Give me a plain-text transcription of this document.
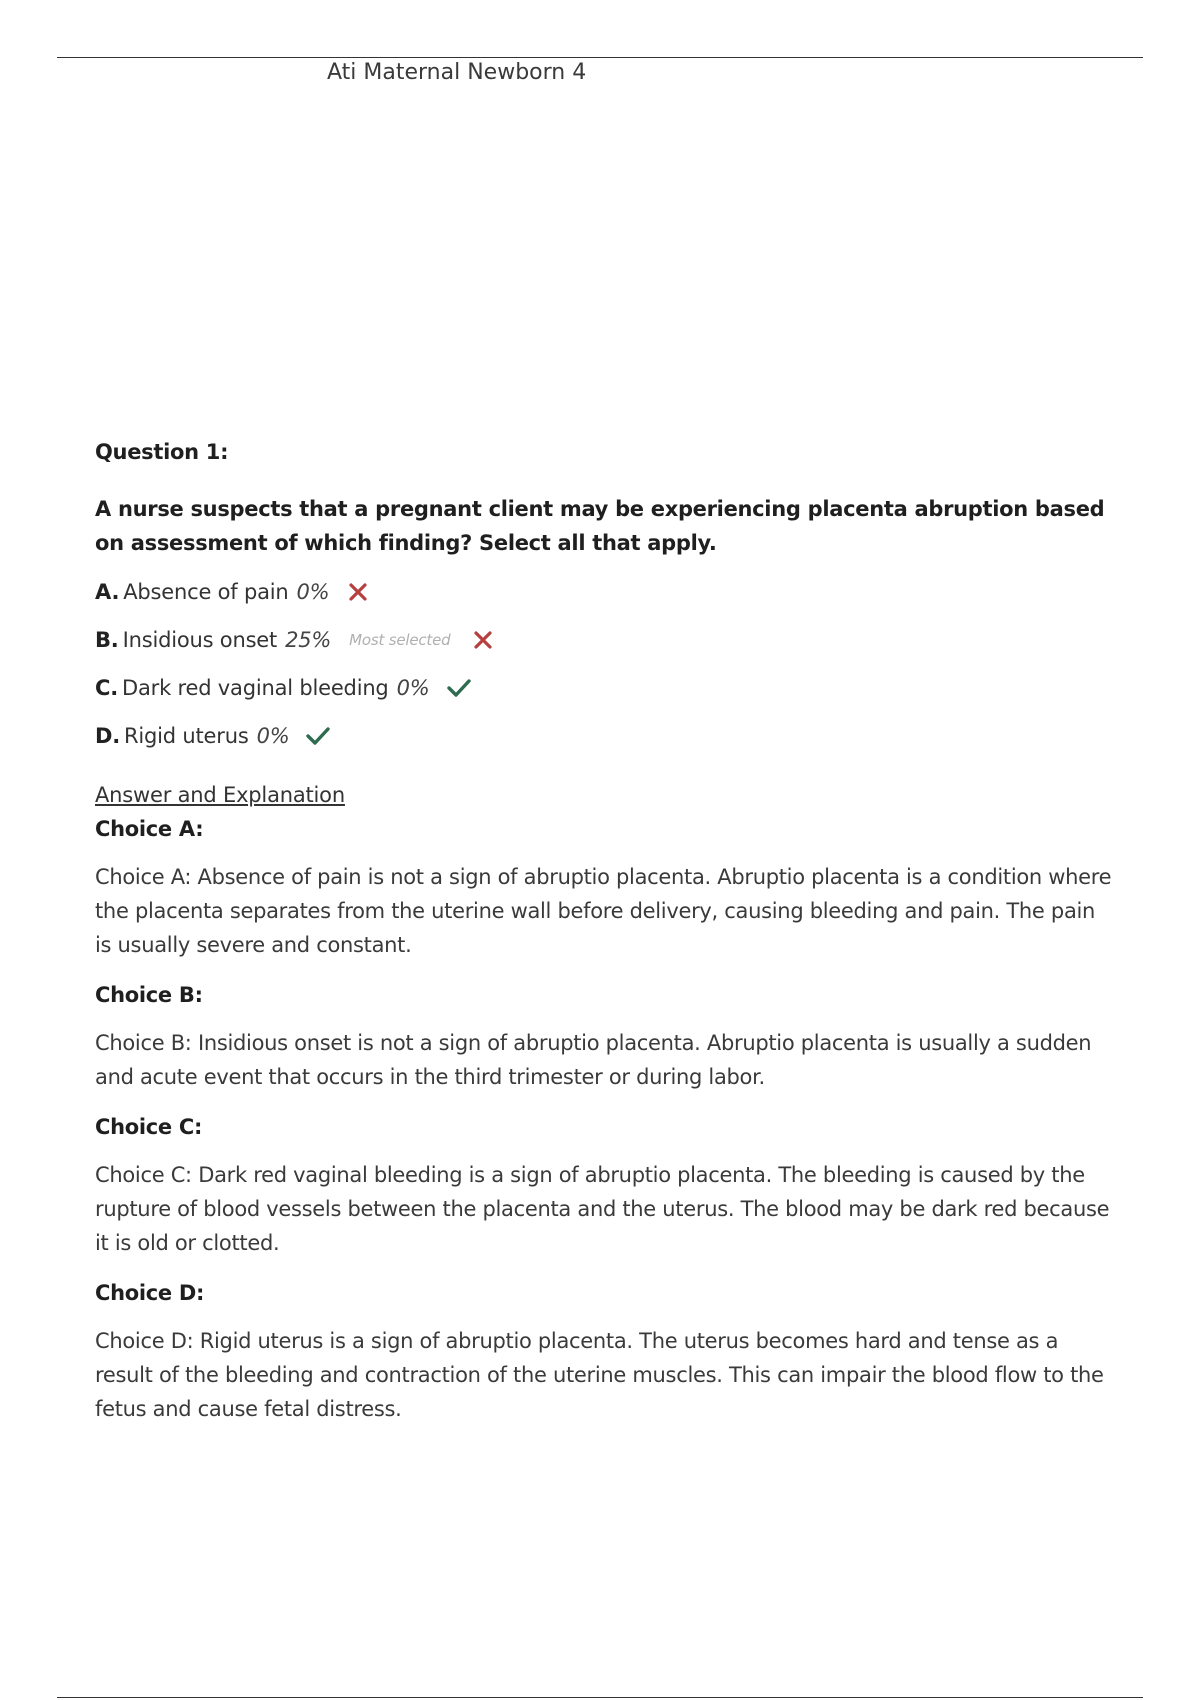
Ati Maternal Newborn 4
Question 1:
A nurse suspects that a pregnant client may be experiencing placenta abruption based on assessment of which finding? Select all that apply.
A. Absence of pain 0%
B. Insidious onset 25% Most selected
C. Dark red vaginal bleeding 0%
D. Rigid uterus 0%
Answer and Explanation
Choice A:
Choice A: Absence of pain is not a sign of abruptio placenta. Abruptio placenta is a condition where the placenta separates from the uterine wall before delivery, causing bleeding and pain. The pain is usually severe and constant.
Choice B:
Choice B: Insidious onset is not a sign of abruptio placenta. Abruptio placenta is usually a sudden and acute event that occurs in the third trimester or during labor.
Choice C:
Choice C: Dark red vaginal bleeding is a sign of abruptio placenta. The bleeding is caused by the rupture of blood vessels between the placenta and the uterus. The blood may be dark red because it is old or clotted.
Choice D:
Choice D: Rigid uterus is a sign of abruptio placenta. The uterus becomes hard and tense as a result of the bleeding and contraction of the uterine muscles. This can impair the blood flow to the fetus and cause fetal distress.
